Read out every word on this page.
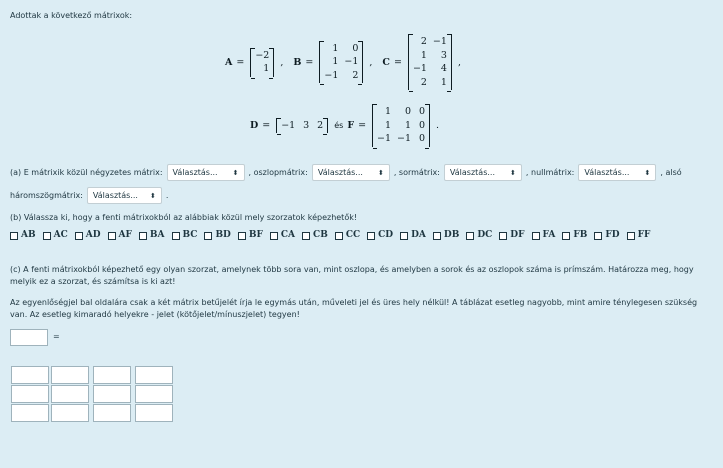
Adottak a következő mátrixok:
A =
−2
1
, B =
1	0
1 −1
−1	2
, C =
2 −1
1	3
−1	4
2	1
,
D = −1 3 2 és F =
1	0 0
1	1 0
−1 −1 0
.
(a) E mátrixik közül négyzetes mátrix: Választás... ⬍ , oszlopmátrix: Választás... ⬍ , sormátrix: Választás... ⬍ , nullmátrix: Választás... ⬍ , alsó
háromszögmátrix: Választás... ⬍ .
(b) Válassza ki, hogy a fenti mátrixokból az alábbiak közül mely szorzatok képezhetők!
AB AC AD AF BA BC BD BF CA CB CC CD DA DB DC DF FA FB FD FF
(c) A fenti mátrixokból képezhető egy olyan szorzat, amelynek több sora van, mint oszlopa, és amelyben a sorok és az oszlopok száma is prímszám. Határozza meg, hogy melyik ez a szorzat, és számítsa is ki azt!
Az egyenlőségjel bal oldalára csak a két mátrix betűjelét írja le egymás után, műveleti jel és üres hely nélkül! A táblázat esetleg nagyobb, mint amire ténylegesen szükség van. Az esetleg kimaradó helyekre - jelet (kötőjelet/mínuszjelet) tegyen!
=
